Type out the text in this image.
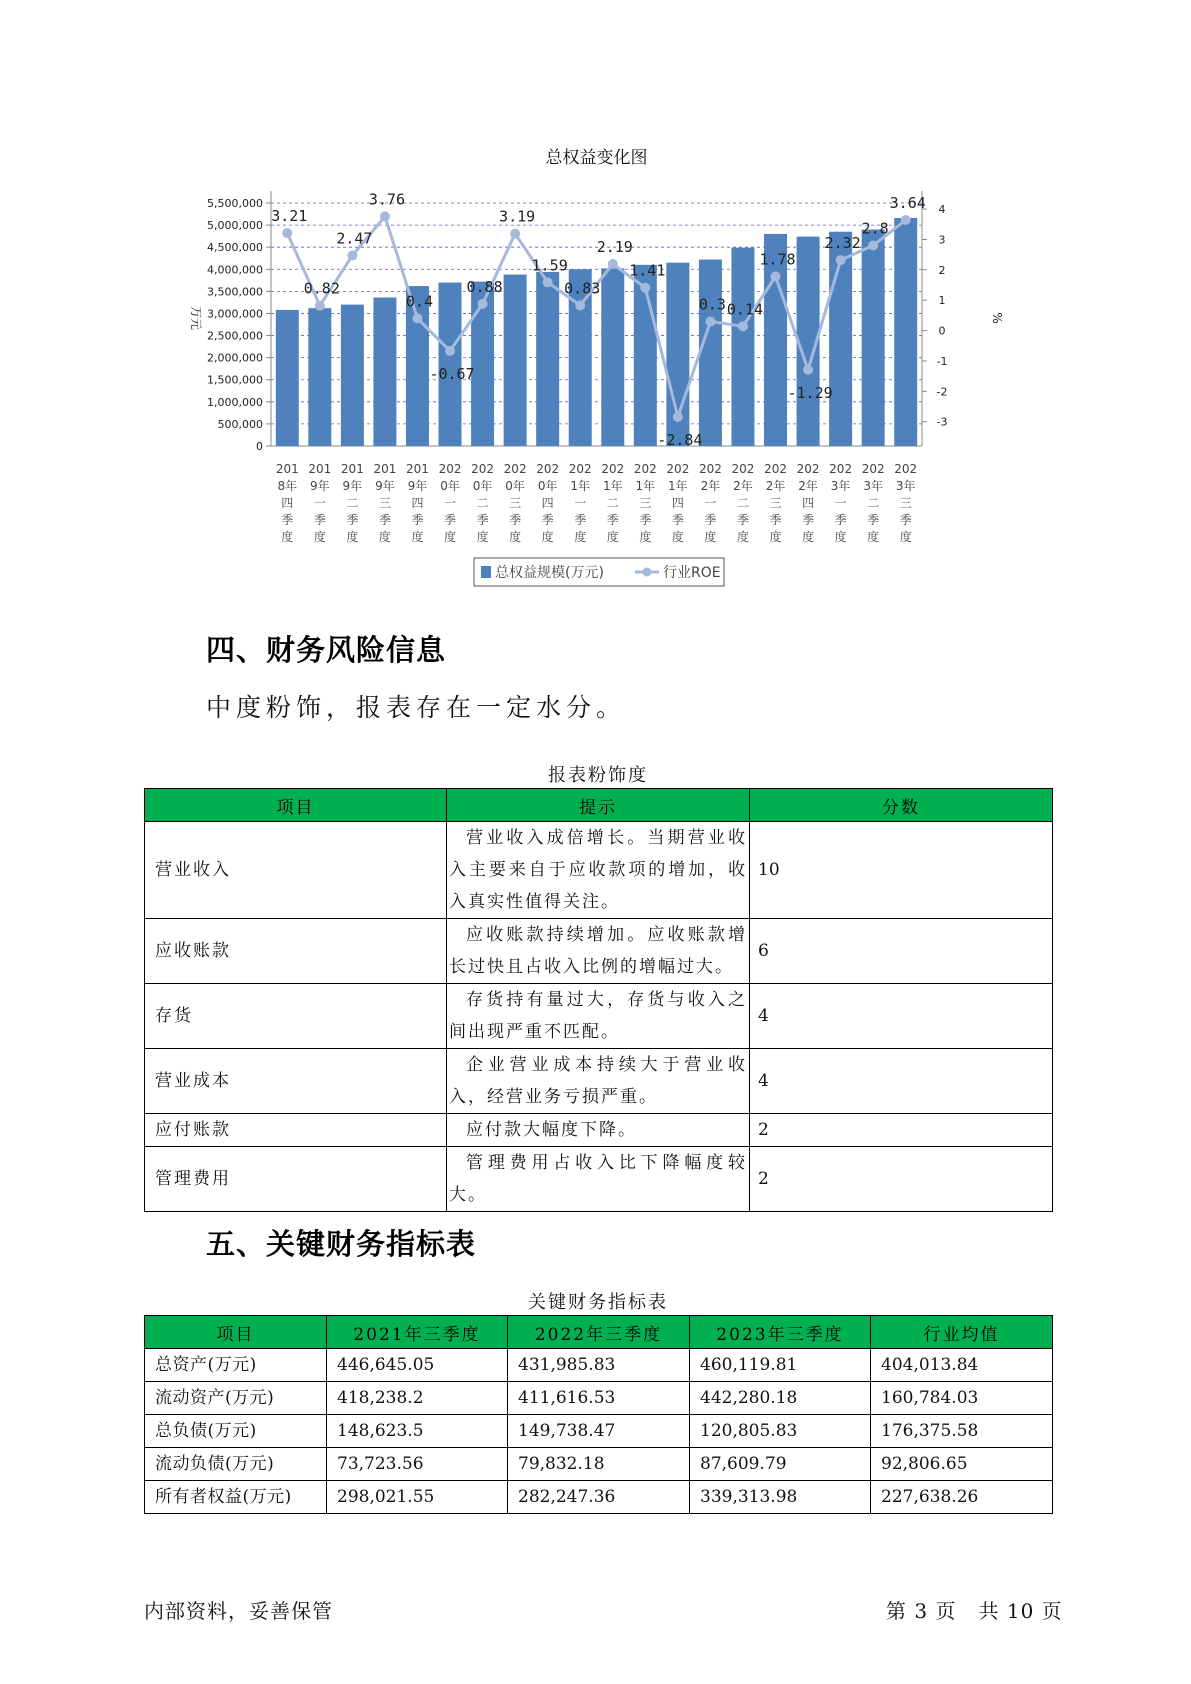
总权益变化图
0
500,000
1,000,000
1,500,000
2,000,000
2,500,000
3,000,000
3,500,000
4,000,000
4,500,000
5,000,000
5,500,000
-3
-2
-1
0
1
2
3
4
万元	%
201 8年四季度
201 9年一季度
201 9年二季度
201 9年三季度
201 9年四季度
202 0年一季度
202 0年二季度
202 0年三季度
202 0年四季度
202 1年一季度
202 1年二季度
202 1年三季度
202 1年四季度
202 2年一季度
202 2年二季度
202 2年三季度
202 2年四季度
202 3年一季度
202 3年二季度
202 3年三季度
3.21
0.82
2.47
3.76
0.4
-0.67
0.88
3.19
1.59
0.83
2.19
1.41
-2.84
0.3 0.14
1.78
-1.29
2.32
2.8
3.64
总权益规模(万元)	行业ROE
四、财务风险信息
中度粉饰，报表存在一定水分。
报表粉饰度
项目	提示	分数
营业收入	营业收入成倍增长。当期营业收入主要来自于应收款项的增加，收入真实性值得关注。	10
应收账款	应收账款持续增加。应收账款增长过快且占收入比例的增幅过大。	6
存货	存货持有量过大，存货与收入之间出现严重不匹配。	4
营业成本	企业营业成本持续大于营业收入，经营业务亏损严重。	4
应付账款	应付款大幅度下降。	2
管理费用	管理费用占收入比下降幅度较大。	2
五、关键财务指标表
关键财务指标表
项目	2021年三季度	2022年三季度	2023年三季度	行业均值
总资产(万元)	446,645.05	431,985.83	460,119.81	404,013.84
流动资产(万元)	418,238.2	411,616.53	442,280.18	160,784.03
总负债(万元)	148,623.5	149,738.47	120,805.83	176,375.58
流动负债(万元)	73,723.56	79,832.18	87,609.79	92,806.65
所有者权益(万元)	298,021.55	282,247.36	339,313.98	227,638.26
内部资料，妥善保管	第 3 页   共 10 页
